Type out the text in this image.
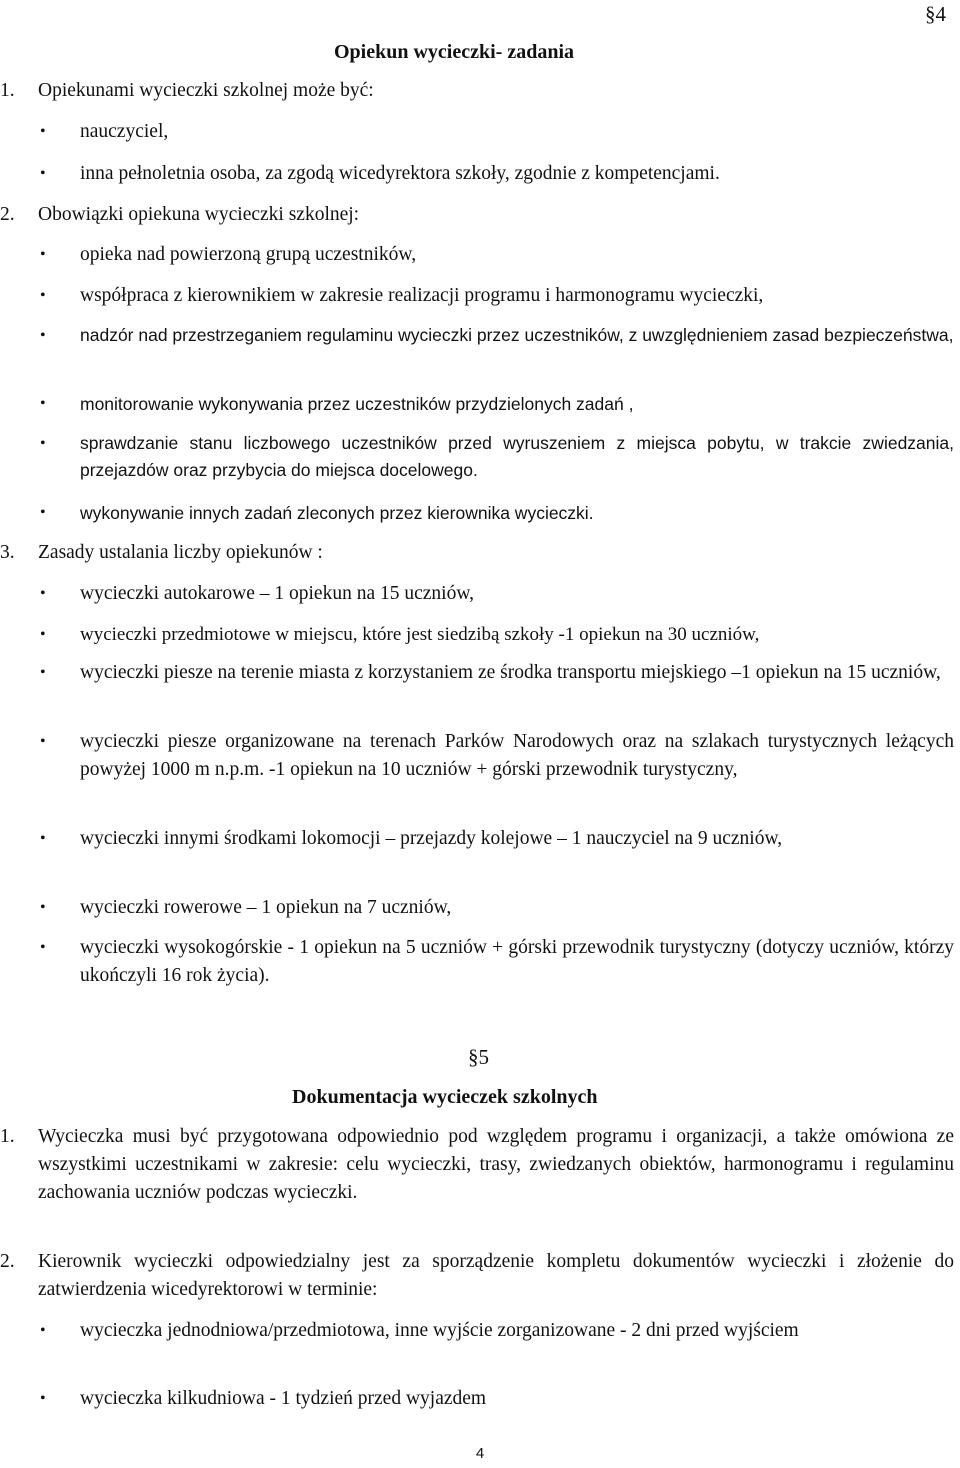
§4
Opiekun wycieczki- zadania
1.	Opiekunami wycieczki szkolnej może być:
•	nauczyciel,
•	inna pełnoletnia osoba, za zgodą wicedyrektora szkoły, zgodnie z kompetencjami.
2.	Obowiązki opiekuna wycieczki szkolnej:
•	opieka nad powierzoną grupą uczestników,
•	współpraca z kierownikiem w zakresie realizacji programu i harmonogramu wycieczki,
•	nadzór nad przestrzeganiem regulaminu wycieczki przez uczestników, z uwzględnieniem zasad bezpieczeństwa,
•	monitorowanie wykonywania przez uczestników przydzielonych zadań ,
•	sprawdzanie stanu liczbowego uczestników przed wyruszeniem z miejsca pobytu, w trakcie zwiedzania, przejazdów oraz przybycia do miejsca docelowego.
•	wykonywanie innych zadań zleconych przez kierownika wycieczki.
3.	Zasady ustalania liczby opiekunów :
•	wycieczki autokarowe – 1 opiekun na 15 uczniów,
•	wycieczki przedmiotowe w miejscu, które jest siedzibą szkoły -1 opiekun na 30 uczniów,
•	wycieczki piesze na terenie miasta z korzystaniem ze środka transportu miejskiego –1 opiekun na 15 uczniów,
•	wycieczki piesze organizowane na terenach Parków Narodowych oraz na szlakach turystycznych leżących powyżej 1000 m n.p.m. -1 opiekun na 10 uczniów + górski przewodnik turystyczny,
•	wycieczki innymi środkami lokomocji – przejazdy kolejowe – 1 nauczyciel na 9 uczniów,
•	wycieczki rowerowe – 1 opiekun na 7 uczniów,
•	wycieczki wysokogórskie - 1 opiekun na 5 uczniów + górski przewodnik turystyczny (dotyczy uczniów, którzy ukończyli 16 rok życia).
§5
Dokumentacja wycieczek szkolnych
1.	Wycieczka musi być przygotowana odpowiednio pod względem programu i organizacji, a także omówiona ze wszystkimi uczestnikami w zakresie: celu wycieczki, trasy, zwiedzanych obiektów, harmonogramu i regulaminu zachowania uczniów podczas wycieczki.
2.	Kierownik wycieczki odpowiedzialny jest za sporządzenie kompletu dokumentów wycieczki i złożenie do zatwierdzenia wicedyrektorowi w terminie:
•	wycieczka jednodniowa/przedmiotowa, inne wyjście zorganizowane - 2 dni przed wyjściem
•	wycieczka kilkudniowa - 1 tydzień przed wyjazdem
4
